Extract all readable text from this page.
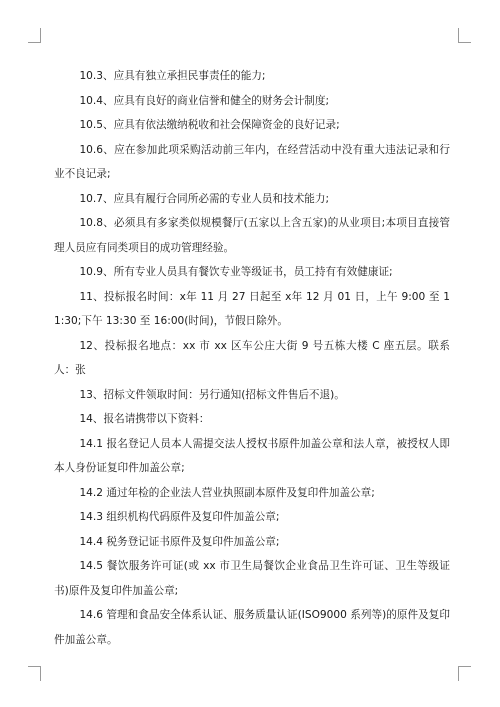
10.3、应具有独立承担民事责任的能力;

10.4、应具有良好的商业信誉和健全的财务会计制度;

10.5、应具有依法缴纳税收和社会保障资金的良好记录;

10.6、应在参加此项采购活动前三年内，在经营活动中没有重大违法记录和行业不良记录;

10.7、应具有履行合同所必需的专业人员和技术能力;

10.8、必须具有多家类似规模餐厅(五家以上含五家)的从业项目;本项目直接管理人员应有同类项目的成功管理经验。

10.9、所有专业人员具有餐饮专业等级证书，员工持有有效健康证;

11、投标报名时间：x年 11 月 27 日起至 x年 12 月 01 日，上午 9:00 至 11:30;下午 13:30 至 16:00(时间)，节假日除外。

12、投标报名地点：xx 市 xx 区车公庄大街 9 号五栋大楼 C 座五层。联系人：张

13、招标文件领取时间：另行通知(招标文件售后不退)。

14、报名请携带以下资料：

14.1 报名登记人员本人需提交法人授权书原件加盖公章和法人章，被授权人即本人身份证复印件加盖公章;

14.2 通过年检的企业法人营业执照副本原件及复印件加盖公章;

14.3 组织机构代码原件及复印件加盖公章;

14.4 税务登记证书原件及复印件加盖公章;

14.5 餐饮服务许可证(或 xx 市卫生局餐饮企业食品卫生许可证、卫生等级证书)原件及复印件加盖公章;

14.6 管理和食品安全体系认证、服务质量认证(ISO9000 系列等)的原件及复印件加盖公章。
